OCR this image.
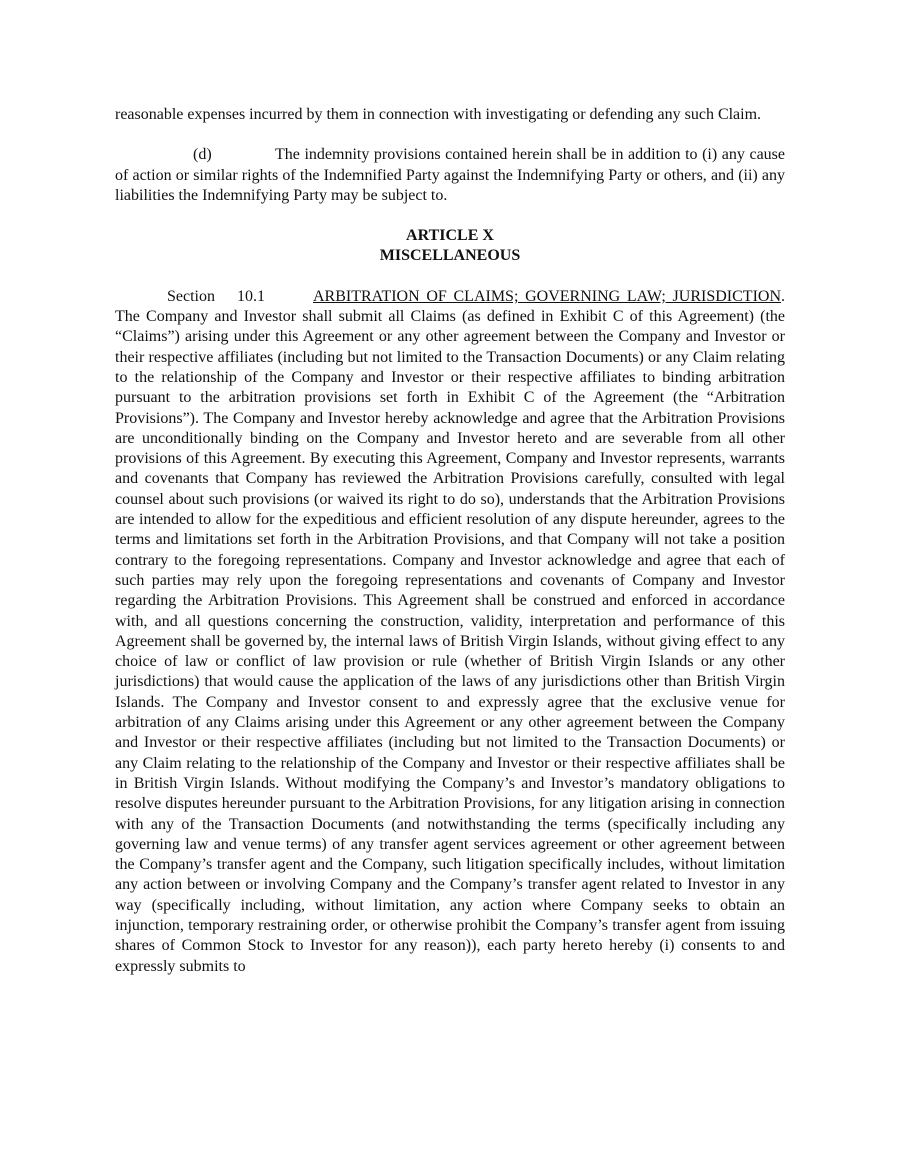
reasonable expenses incurred by them in connection with investigating or defending any such Claim.

(d)	The indemnity provisions contained herein shall be in addition to (i) any cause of action or similar rights of the Indemnified Party against the Indemnifying Party or others, and (ii) any liabilities the Indemnifying Party may be subject to.

ARTICLE X

MISCELLANEOUS

Section 10.1	ARBITRATION OF CLAIMS; GOVERNING LAW; JURISDICTION. The Company and Investor shall submit all Claims (as defined in Exhibit C of this Agreement) (the “Claims”) arising under this Agreement or any other agreement between the Company and Investor or their respective affiliates (including but not limited to the Transaction Documents) or any Claim relating to the relationship of the Company and Investor or their respective affiliates to binding arbitration pursuant to the arbitration provisions set forth in Exhibit C of the Agreement (the “Arbitration Provisions”). The Company and Investor hereby acknowledge and agree that the Arbitration Provisions are unconditionally binding on the Company and Investor hereto and are severable from all other provisions of this Agreement. By executing this Agreement, Company and Investor represents, warrants and covenants that Company has reviewed the Arbitration Provisions carefully, consulted with legal counsel about such provisions (or waived its right to do so), understands that the Arbitration Provisions are intended to allow for the expeditious and efficient resolution of any dispute hereunder, agrees to the terms and limitations set forth in the Arbitration Provisions, and that Company will not take a position contrary to the foregoing representations. Company and Investor acknowledge and agree that each of such parties may rely upon the foregoing representations and covenants of Company and Investor regarding the Arbitration Provisions. This Agreement shall be construed and enforced in accordance with, and all questions concerning the construction, validity, interpretation and performance of this Agreement shall be governed by, the internal laws of British Virgin Islands, without giving effect to any choice of law or conflict of law provision or rule (whether of British Virgin Islands or any other jurisdictions) that would cause the application of the laws of any jurisdictions other than British Virgin Islands. The Company and Investor consent to and expressly agree that the exclusive venue for arbitration of any Claims arising under this Agreement or any other agreement between the Company and Investor or their respective affiliates (including but not limited to the Transaction Documents) or any Claim relating to the relationship of the Company and Investor or their respective affiliates shall be in British Virgin Islands. Without modifying the Company’s and Investor’s mandatory obligations to resolve disputes hereunder pursuant to the Arbitration Provisions, for any litigation arising in connection with any of the Transaction Documents (and notwithstanding the terms (specifically including any governing law and venue terms) of any transfer agent services agreement or other agreement between the Company’s transfer agent and the Company, such litigation specifically includes, without limitation any action between or involving Company and the Company’s transfer agent related to Investor in any way (specifically including, without limitation, any action where Company seeks to obtain an injunction, temporary restraining order, or otherwise prohibit the Company’s transfer agent from issuing shares of Common Stock to Investor for any reason)), each party hereto hereby (i) consents to and expressly submits to
